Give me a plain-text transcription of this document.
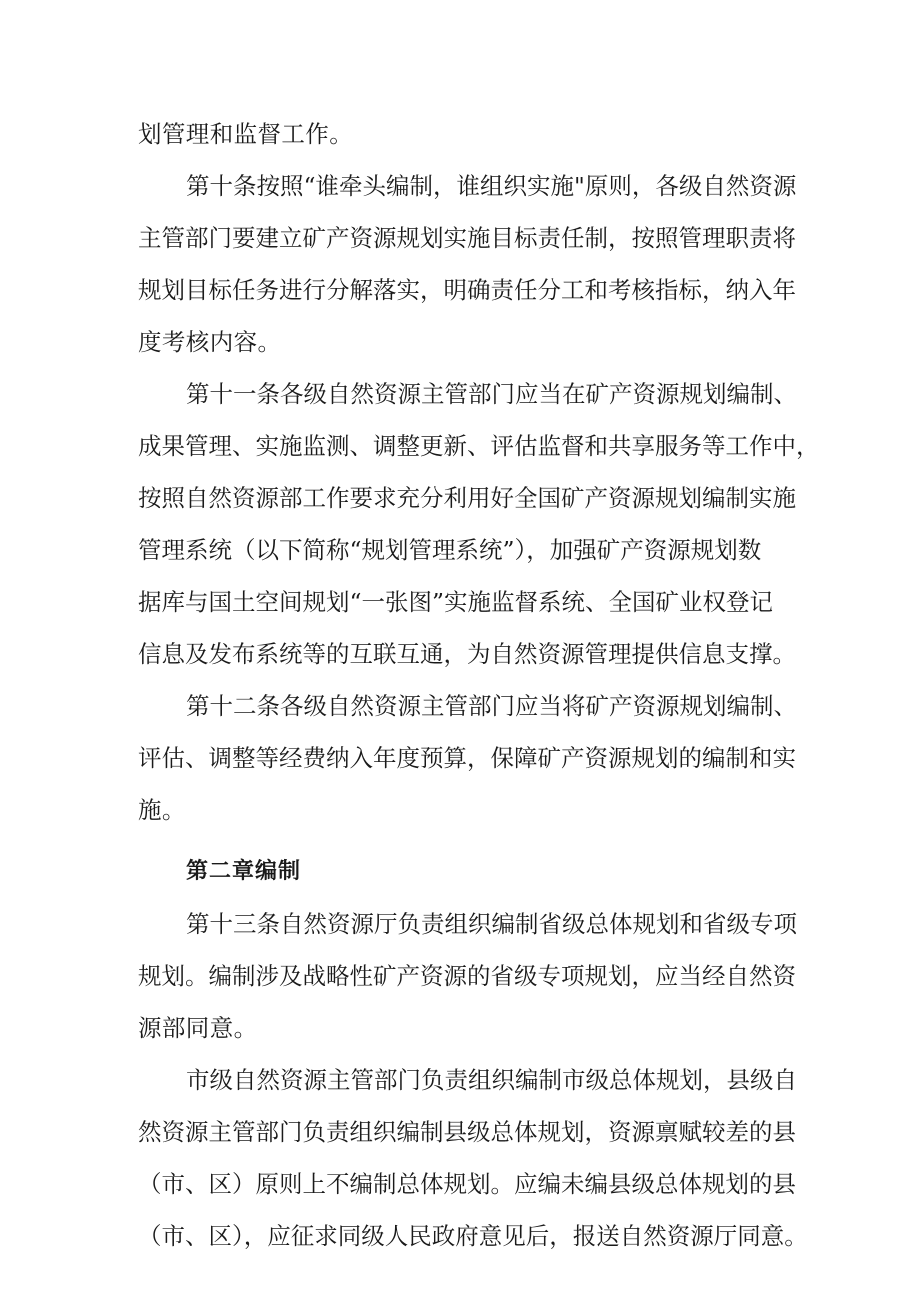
划管理和监督工作。
第十条按照“谁牵头编制，谁组织实施"原则，各级自然资源
主管部门要建立矿产资源规划实施目标责任制，按照管理职责将
规划目标任务进行分解落实，明确责任分工和考核指标，纳入年
度考核内容。
第十一条各级自然资源主管部门应当在矿产资源规划编制、
成果管理、实施监测、调整更新、评估监督和共享服务等工作中，
按照自然资源部工作要求充分利用好全国矿产资源规划编制实施
管理系统（以下简称“规划管理系统”），加强矿产资源规划数
据库与国土空间规划“一张图”实施监督系统、全国矿业权登记
信息及发布系统等的互联互通，为自然资源管理提供信息支撑。
第十二条各级自然资源主管部门应当将矿产资源规划编制、
评估、调整等经费纳入年度预算，保障矿产资源规划的编制和实
施。
第二章编制
第十三条自然资源厅负责组织编制省级总体规划和省级专项
规划。编制涉及战略性矿产资源的省级专项规划，应当经自然资
源部同意。
市级自然资源主管部门负责组织编制市级总体规划，县级自
然资源主管部门负责组织编制县级总体规划，资源禀赋较差的县
（市、区）原则上不编制总体规划。应编未编县级总体规划的县
（市、区），应征求同级人民政府意见后，报送自然资源厅同意。
